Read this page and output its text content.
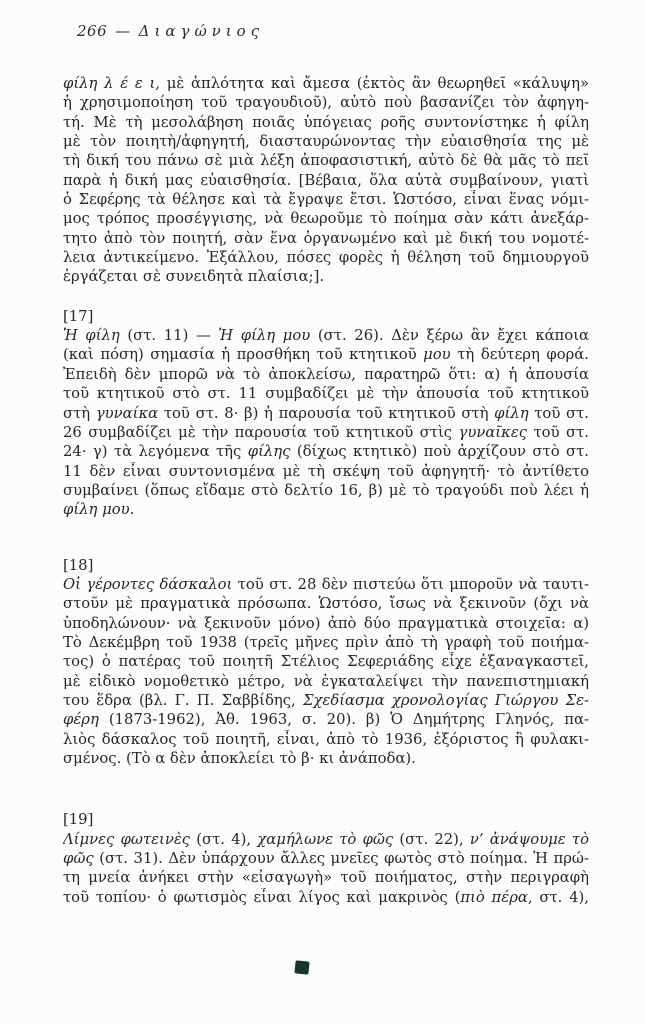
266 — Διαγώνιος
φίλη λ έ ε ι, μὲ ἁπλότητα καὶ ἄμεσα (ἐκτὸς ἂν θεωρηθεῖ «κάλυψη»
ἡ χρησιμοποίηση τοῦ τραγουδιοῦ), αὐτὸ ποὺ βασανίζει τὸν ἀφηγη-
τή. Μὲ τὴ μεσολάβηση ποιᾶς ὑπόγειας ροῆς συντονίστηκε ἡ φίλη
μὲ τὸν ποιητὴ/ἀφηγητή, διασταυρώνοντας τὴν εὐαισθησία της μὲ
τὴ δική του πάνω σὲ μιὰ λέξη ἀποφασιστική, αὐτὸ δὲ θὰ μᾶς τὸ πεῖ
παρὰ ἡ δική μας εὐαισθησία. [Βέβαια, ὅλα αὐτὰ συμβαίνουν, γιατὶ
ὁ Σεφέρης τὰ θέλησε καὶ τὰ ἔγραψε ἔτσι. Ὡστόσο, εἶναι ἕνας νόμι-
μος τρόπος προσέγγισης, νὰ θεωροῦμε τὸ ποίημα σὰν κάτι ἀνεξάρ-
τητο ἀπὸ τὸν ποιητή, σὰν ἕνα ὀργανωμένο καὶ μὲ δική του νομοτέ-
λεια ἀντικείμενο. Ἐξάλλου, πόσες φορὲς ἡ θέληση τοῦ δημιουργοῦ
ἐργάζεται σὲ συνειδητὰ πλαίσια;].
[17]
Ἡ φίλη (στ. 11) — Ἡ φίλη μου (στ. 26). Δὲν ξέρω ἂν ἔχει κάποια
(καὶ πόση) σημασία ἡ προσθήκη τοῦ κτητικοῦ μου τὴ δεύτερη φορά.
Ἐπειδὴ δὲν μπορῶ νὰ τὸ ἀποκλείσω, παρατηρῶ ὅτι: α) ἡ ἀπουσία
τοῦ κτητικοῦ στὸ στ. 11 συμβαδίζει μὲ τὴν ἀπουσία τοῦ κτητικοῦ
στὴ γυναίκα τοῦ στ. 8· β) ἡ παρουσία τοῦ κτητικοῦ στὴ φίλη τοῦ στ.
26 συμβαδίζει μὲ τὴν παρουσία τοῦ κτητικοῦ στὶς γυναῖκες τοῦ στ.
24· γ) τὰ λεγόμενα τῆς φίλης (δίχως κτητικὸ) ποὺ ἀρχίζουν στὸ στ.
11 δὲν εἶναι συντονισμένα μὲ τὴ σκέψη τοῦ ἀφηγητῆ· τὸ ἀντίθετο
συμβαίνει (ὅπως εἴδαμε στὸ δελτίο 16, β) μὲ τὸ τραγούδι ποὺ λέει ἡ
φίλη μου.
[18]
Οἱ γέροντες δάσκαλοι τοῦ στ. 28 δὲν πιστεύω ὅτι μποροῦν νὰ ταυτι-
στοῦν μὲ πραγματικὰ πρόσωπα. Ὡστόσο, ἴσως νὰ ξεκινοῦν (ὄχι νὰ
ὑποδηλώνουν· νὰ ξεκινοῦν μόνο) ἀπὸ δύο πραγματικὰ στοιχεῖα: α)
Τὸ Δεκέμβρη τοῦ 1938 (τρεῖς μῆνες πρὶν ἀπὸ τὴ γραφὴ τοῦ ποιήμα-
τος) ὁ πατέρας τοῦ ποιητῆ Στέλιος Σεφεριάδης εἶχε ἐξαναγκαστεῖ,
μὲ εἰδικὸ νομοθετικὸ μέτρο, νὰ ἐγκαταλείψει τὴν πανεπιστημιακή
του ἕδρα (βλ. Γ. Π. Σαββίδης, Σχεδίασμα χρονολογίας Γιώργου Σε-
φέρη (1873-1962), Ἀθ. 1963, σ. 20). β) Ὁ Δημήτρης Γληνός, πα-
λιὸς δάσκαλος τοῦ ποιητῆ, εἶναι, ἀπὸ τὸ 1936, ἐξόριστος ἢ φυλακι-
σμένος. (Τὸ α δὲν ἀποκλείει τὸ β· κι ἀνάποδα).
[19]
Λίμνες φωτεινὲς (στ. 4), χαμήλωνε τὸ φῶς (στ. 22), ν’ ἀνάψουμε τὸ
φῶς (στ. 31). Δὲν ὑπάρχουν ἄλλες μνεῖες φωτὸς στὸ ποίημα. Ἡ πρώ-
τη μνεία ἀνήκει στὴν «εἰσαγωγὴ» τοῦ ποιήματος, στὴν περιγραφὴ
τοῦ τοπίου· ὁ φωτισμὸς εἶναι λίγος καὶ μακρινὸς (πιὸ πέρα, στ. 4),
